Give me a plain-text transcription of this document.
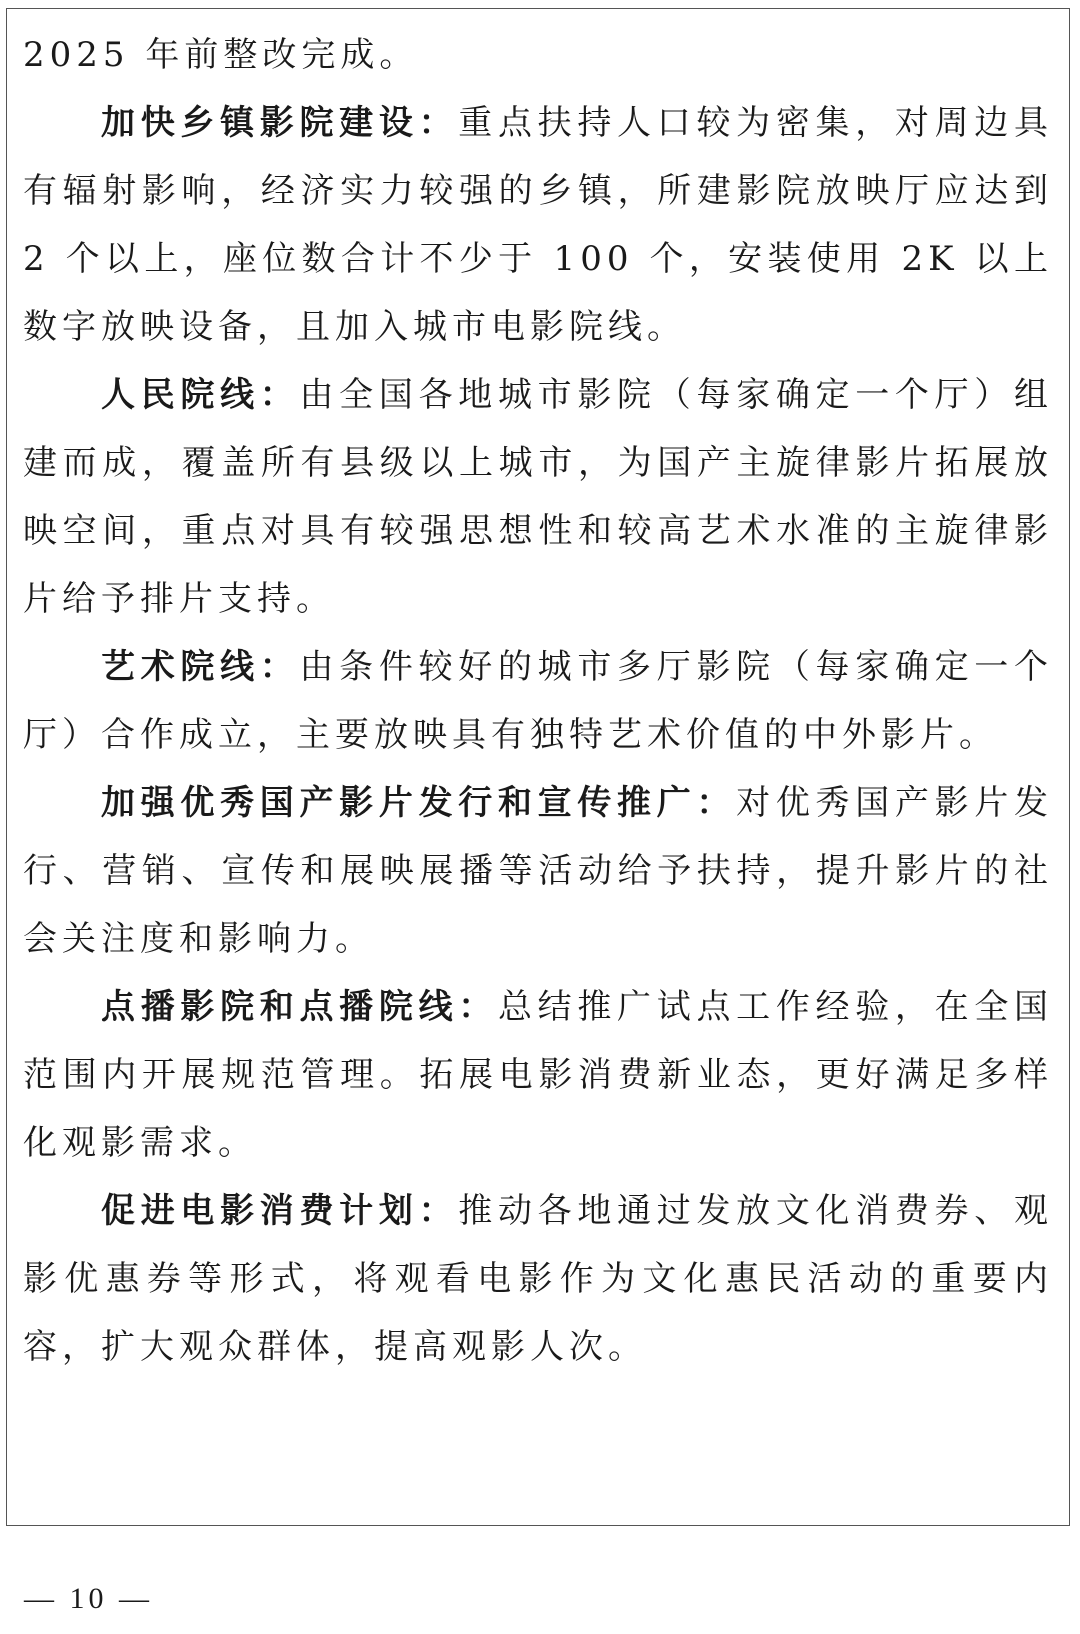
2025 年前整改完成。

加快乡镇影院建设：重点扶持人口较为密集，对周边具有辐射影响，经济实力较强的乡镇，所建影院放映厅应达到 2 个以上，座位数合计不少于 100 个，安装使用 2K 以上数字放映设备，且加入城市电影院线。

人民院线：由全国各地城市影院（每家确定一个厅）组建而成，覆盖所有县级以上城市，为国产主旋律影片拓展放映空间，重点对具有较强思想性和较高艺术水准的主旋律影片给予排片支持。

艺术院线：由条件较好的城市多厅影院（每家确定一个厅）合作成立，主要放映具有独特艺术价值的中外影片。

加强优秀国产影片发行和宣传推广：对优秀国产影片发行、营销、宣传和展映展播等活动给予扶持，提升影片的社会关注度和影响力。

点播影院和点播院线：总结推广试点工作经验，在全国范围内开展规范管理。拓展电影消费新业态，更好满足多样化观影需求。

促进电影消费计划：推动各地通过发放文化消费券、观影优惠券等形式，将观看电影作为文化惠民活动的重要内容，扩大观众群体，提高观影人次。

— 10 —
